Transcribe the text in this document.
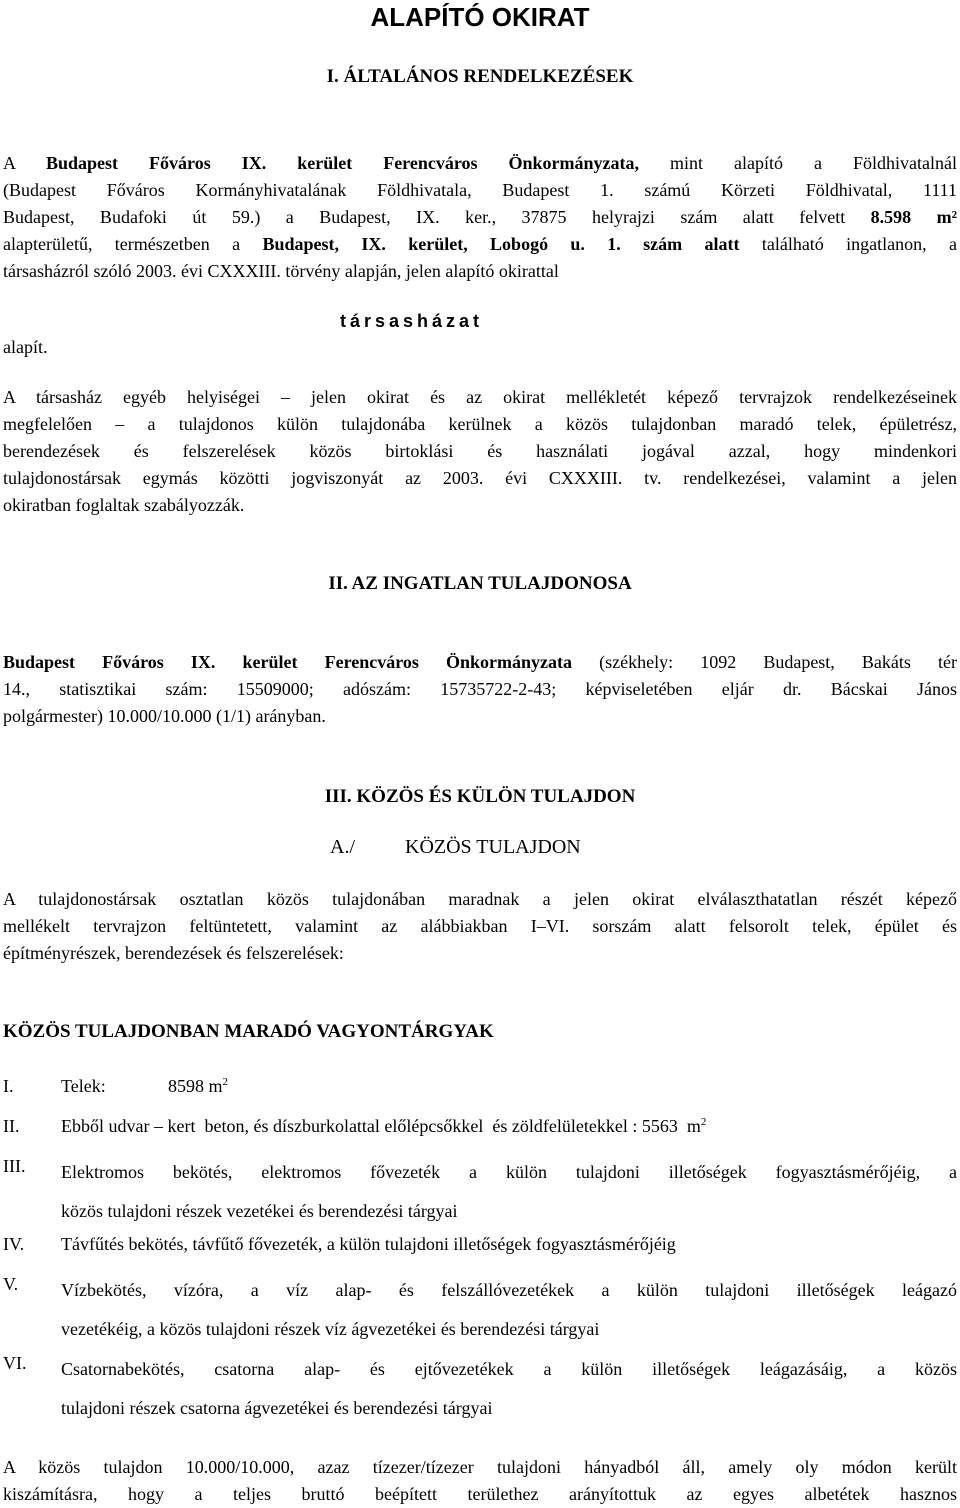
ALAPÍTÓ OKIRAT
I. ÁLTALÁNOS RENDELKEZÉSEK
A Budapest Főváros IX. kerület Ferencváros Önkormányzata, mint alapító a Földhivatalnál
(Budapest Főváros Kormányhivatalának Földhivatala, Budapest 1. számú Körzeti Földhivatal, 1111
Budapest, Budafoki út 59.) a Budapest, IX. ker., 37875 helyrajzi szám alatt felvett 8.598 m²
alapterületű, természetben a Budapest, IX. kerület, Lobogó u. 1. szám alatt található ingatlanon, a
társasházról szóló 2003. évi CXXXIII. törvény alapján, jelen alapító okirattal
alapít.
társasházat
A társasház egyéb helyiségei – jelen okirat és az okirat mellékletét képező tervrajzok rendelkezéseinek
megfelelően – a tulajdonos külön tulajdonába kerülnek a közös tulajdonban maradó telek, épületrész,
berendezések és felszerelések közös birtoklási és használati jogával azzal, hogy mindenkori
tulajdonostársak egymás közötti jogviszonyát az 2003. évi CXXXIII. tv. rendelkezései, valamint a jelen
okiratban foglaltak szabályozzák.
II. AZ INGATLAN TULAJDONOSA
Budapest Főváros IX. kerület Ferencváros Önkormányzata (székhely: 1092 Budapest, Bakáts tér
14., statisztikai szám: 15509000; adószám: 15735722-2-43; képviseletében eljár dr. Bácskai János
polgármester) 10.000/10.000 (1/1) arányban.
III. KÖZÖS ÉS KÜLÖN TULAJDON
A./	KÖZÖS TULAJDON
A tulajdonostársak osztatlan közös tulajdonában maradnak a jelen okirat elválaszthatatlan részét képező
mellékelt tervrajzon feltüntetett, valamint az alábbiakban I–VI. sorszám alatt felsorolt telek, épület és
építményrészek, berendezések és felszerelések:
KÖZÖS TULAJDONBAN MARADÓ VAGYONTÁRGYAK
I.	Telek:	8598 $m^2$
II. Ebből udvar – kert  beton, és díszburkolattal előlépcsőkkel  és zöldfelületekkel : 5563  $m^2$
III. Elektromos bekötés, elektromos fővezeték a külön tulajdoni illetőségek fogyasztásmérőjéig, a
közös tulajdoni részek vezetékei és berendezési tárgyai
IV. Távfűtés bekötés, távfűtő fővezeték, a külön tulajdoni illetőségek fogyasztásmérőjéig
V. Vízbekötés, vízóra, a víz alap- és felszállóvezetékek a külön tulajdoni illetőségek leágazó
vezetékéig, a közös tulajdoni részek víz ágvezetékei és berendezési tárgyai
VI. Csatornabekötés, csatorna alap- és ejtővezetékek a külön illetőségek leágazásáig, a közös
tulajdoni részek csatorna ágvezetékei és berendezési tárgyai
A közös tulajdon 10.000/10.000, azaz tízezer/tízezer tulajdoni hányadból áll, amely oly módon került
kiszámításra, hogy a teljes bruttó beépített területhez arányítottuk az egyes albetétek hasznos
